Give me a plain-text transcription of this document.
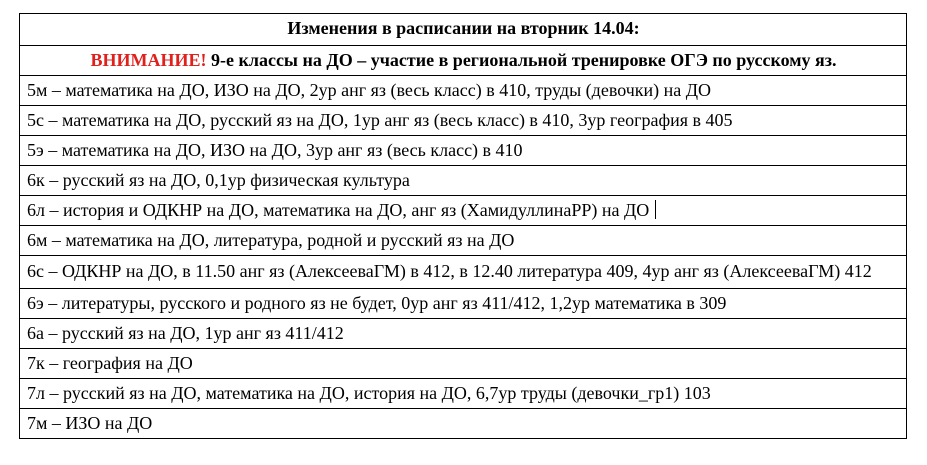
Изменения в расписании на вторник 14.04:
ВНИМАНИЕ! 9-е классы на ДО – участие в региональной тренировке ОГЭ по русскому яз.
5м – математика на ДО, ИЗО на ДО, 2ур анг яз (весь класс) в 410, труды (девочки) на ДО
5с – математика на ДО, русский яз на ДО, 1ур анг яз (весь класс) в 410, 3ур география в 405
5э – математика на ДО, ИЗО на ДО, 3ур анг яз (весь класс) в 410
6к – русский яз на ДО, 0,1ур физическая культура
6л – история и ОДКНР на ДО, математика на ДО, анг яз (ХамидуллинаРР) на ДО
6м – математика на ДО, литература, родной и русский яз на ДО
6с – ОДКНР на ДО, в 11.50 анг яз (АлексееваГМ) в 412, в 12.40 литература 409, 4ур анг яз (АлексееваГМ) 412
6э – литературы, русского и родного яз не будет, 0ур анг яз 411/412, 1,2ур математика в 309
6а – русский яз на ДО, 1ур анг яз 411/412
7к – география на ДО
7л – русский яз на ДО, математика на ДО, история на ДО, 6,7ур труды (девочки_гр1) 103
7м – ИЗО на ДО
